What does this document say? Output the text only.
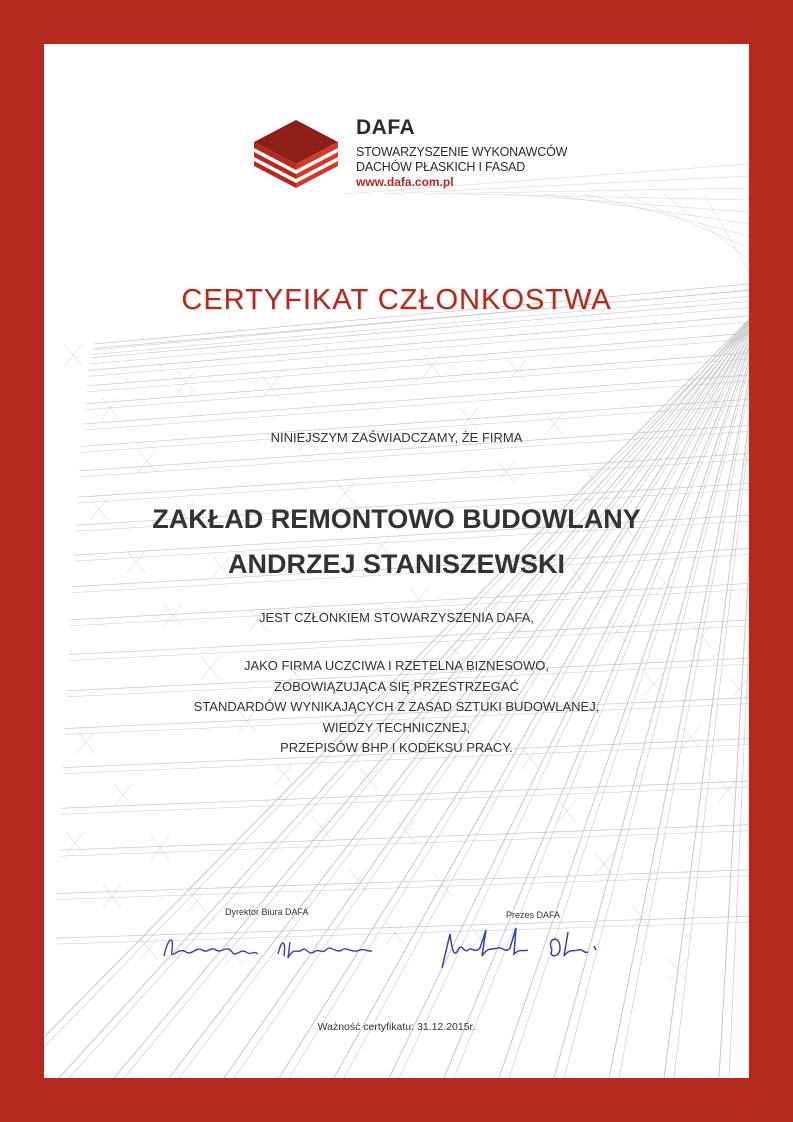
DAFA
STOWARZYSZENIE WYKONAWCÓW
DACHÓW PŁASKICH I FASAD
www.dafa.com.pl
CERTYFIKAT CZŁONKOSTWA
NINIEJSZYM ZAŚWIADCZAMY, ŻE FIRMA
ZAKŁAD REMONTOWO BUDOWLANY
ANDRZEJ STANISZEWSKI
JEST CZŁONKIEM STOWARZYSZENIA DAFA,
JAKO FIRMA UCZCIWA I RZETELNA BIZNESOWO,
ZOBOWIĄZUJĄCA SIĘ PRZESTRZEGAĆ
STANDARDÓW WYNIKAJĄCYCH Z ZASAD SZTUKI BUDOWLANEJ,
WIEDZY TECHNICZNEJ,
PRZEPISÓW BHP I KODEKSU PRACY.
Dyrektor Biura DAFA	Prezes DAFA
Ważność certyfikatu: 31.12.2015r.
